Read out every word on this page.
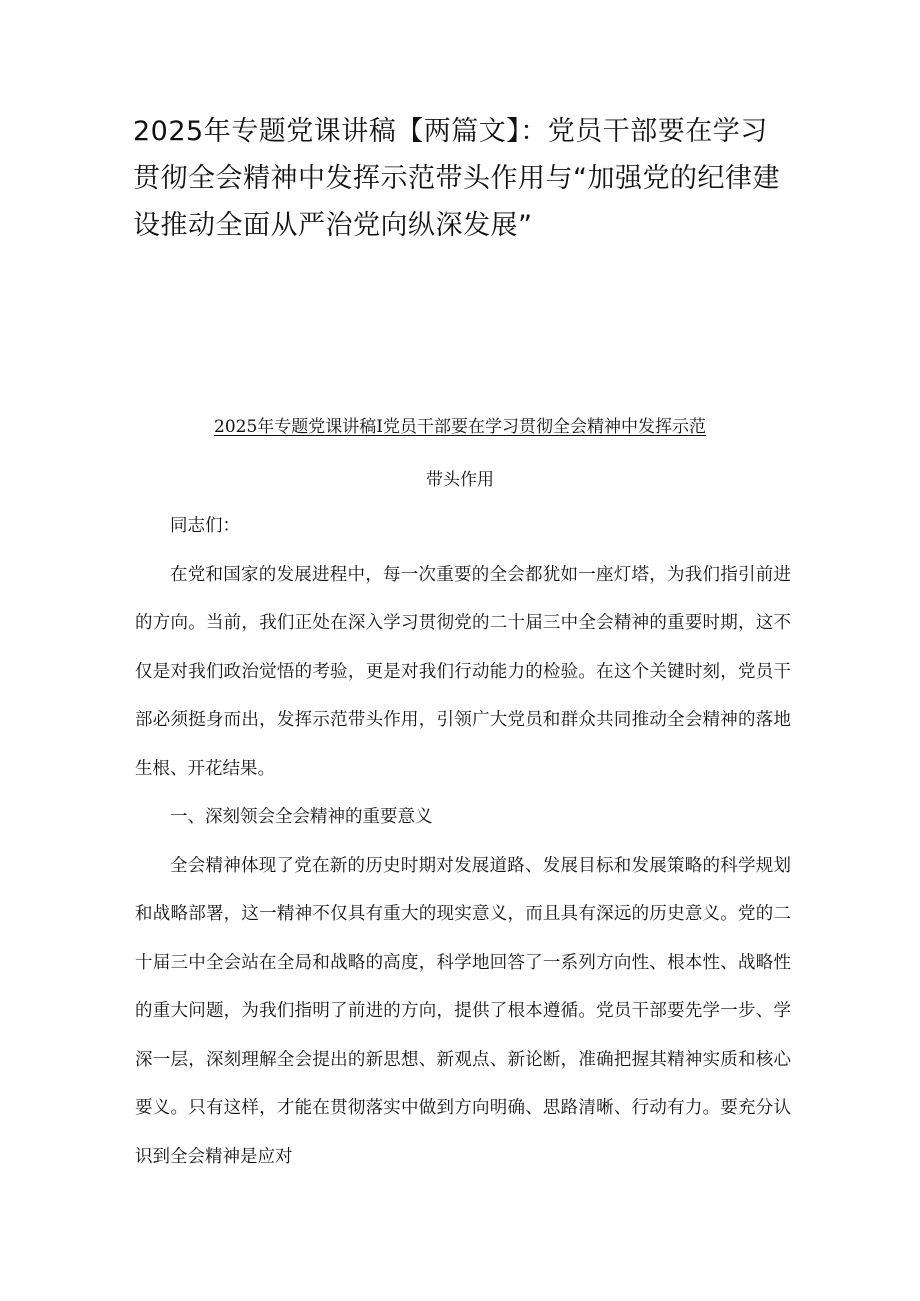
2025年专题党课讲稿【两篇文】：党员干部要在学习贯彻全会精神中发挥示范带头作用与“加强党的纪律建设推动全面从严治党向纵深发展”
2025年专题党课讲稿I党员干部要在学习贯彻全会精神中发挥示范
带头作用

同志们：

在党和国家的发展进程中，每一次重要的全会都犹如一座灯塔，为我们指引前进的方向。当前，我们正处在深入学习贯彻党的二十届三中全会精神的重要时期，这不仅是对我们政治觉悟的考验，更是对我们行动能力的检验。在这个关键时刻，党员干部必须挺身而出，发挥示范带头作用，引领广大党员和群众共同推动全会精神的落地生根、开花结果。

一、深刻领会全会精神的重要意义

全会精神体现了党在新的历史时期对发展道路、发展目标和发展策略的科学规划和战略部署，这一精神不仅具有重大的现实意义，而且具有深远的历史意义。党的二十届三中全会站在全局和战略的高度，科学地回答了一系列方向性、根本性、战略性的重大问题，为我们指明了前进的方向，提供了根本遵循。党员干部要先学一步、学深一层，深刻理解全会提出的新思想、新观点、新论断，准确把握其精神实质和核心要义。只有这样，才能在贯彻落实中做到方向明确、思路清晰、行动有力。要充分认识到全会精神是应对
